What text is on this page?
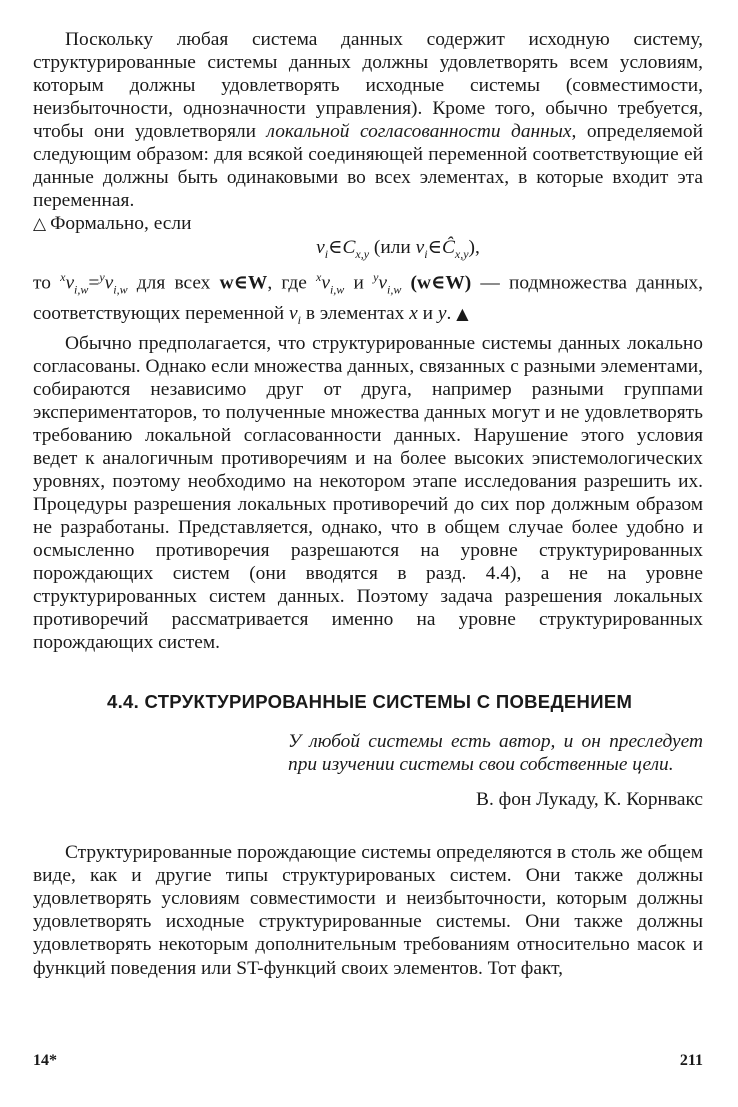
Поскольку любая система данных содержит исходную систему, структурированные системы данных должны удовлетворять всем условиям, которым должны удовлетворять исходные системы (совместимости, неизбыточности, однозначности управления). Кроме того, обычно требуется, чтобы они удовлетворяли локальной согласованности данных, определяемой следующим образом: для всякой соединяющей переменной соответствующие ей данные должны быть одинаковыми во всех элементах, в которые входит эта переменная.

△ Формально, если

$v_i\in C_{x,y}$ (или $v_i\in Ĉ_{x,y}$),

то $^xv_{i,w}=^yv_{i,w}$ для всех w∈W, где $^xv_{i,w}$ и $^yv_{i,w}$ (w∈W) — подмножества данных, соответствующих переменной $v_i$ в элементах x и y. ▲

Обычно предполагается, что структурированные системы данных локально согласованы. Однако если множества данных, связанных с разными элементами, собираются независимо друг от друга, например разными группами экспериментаторов, то полученные множества данных могут и не удовлетворять требованию локальной согласованности данных. Нарушение этого условия ведет к аналогичным противоречиям и на более высоких эпистемологических уровнях, поэтому необходимо на некотором этапе исследования разрешить их. Процедуры разрешения локальных противоречий до сих пор должным образом не разработаны. Представляется, однако, что в общем случае более удобно и осмысленно противоречия разрешаются на уровне структурированных порождающих систем (они вводятся в разд. 4.4), а не на уровне структурированных систем данных. Поэтому задача разрешения локальных противоречий рассматривается именно на уровне структурированных порождающих систем.

4.4. СТРУКТУРИРОВАННЫЕ СИСТЕМЫ С ПОВЕДЕНИЕМ
У любой системы есть автор, и он преследует при изучении системы свои собственные цели.
В. фон Лукаду, К. Корнвакс

Структурированные порождающие системы определяются в столь же общем виде, как и другие типы структурированых систем. Они также должны удовлетворять условиям совместимости и неизбыточности, которым должны удовлетворять исходные структурированные системы. Они также должны удовлетворять некоторым дополнительным требованиям относительно масок и функций поведения или ST-функций своих элементов. Тот факт,

14*	211
